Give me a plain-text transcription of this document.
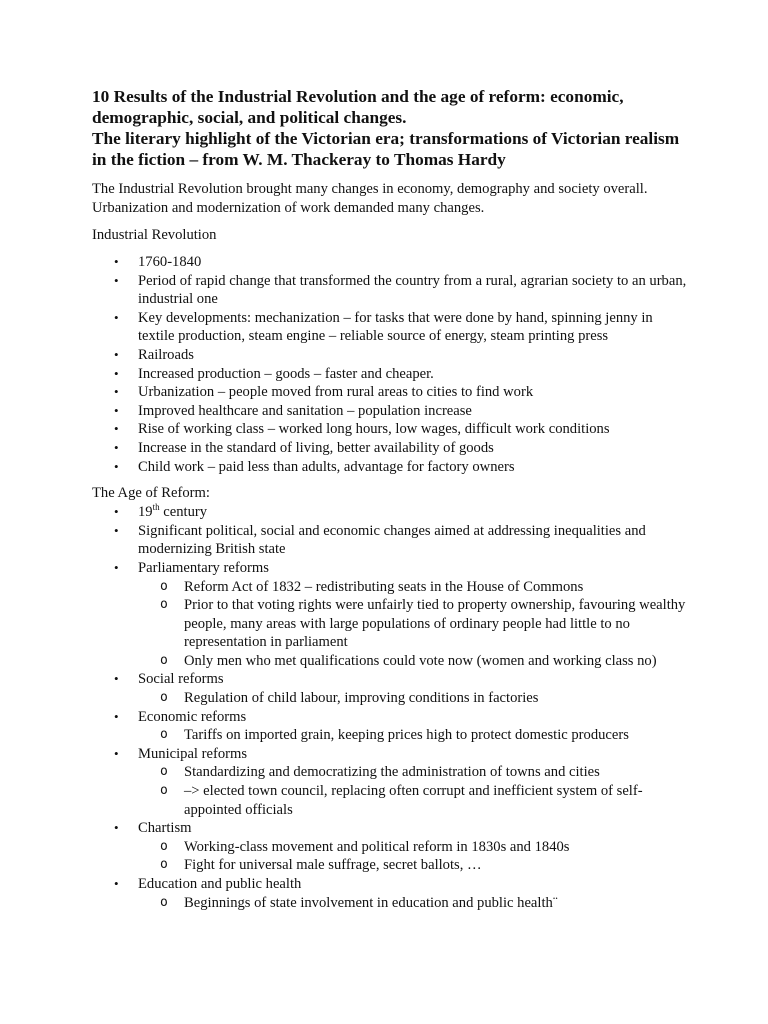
10 Results of the Industrial Revolution and the age of reform: economic, demographic, social, and political changes.

The literary highlight of the Victorian era; transformations of Victorian realism in the fiction – from W. M. Thackeray to Thomas Hardy

The Industrial Revolution brought many changes in economy, demography and society overall. Urbanization and modernization of work demanded many changes.

Industrial Revolution

• 1760-1840
• Period of rapid change that transformed the country from a rural, agrarian society to an urban, industrial one
• Key developments: mechanization – for tasks that were done by hand, spinning jenny in textile production, steam engine – reliable source of energy, steam printing press
• Railroads
• Increased production – goods – faster and cheaper.
• Urbanization – people moved from rural areas to cities to find work
• Improved healthcare and sanitation – population increase
• Rise of working class – worked long hours, low wages, difficult work conditions
• Increase in the standard of living, better availability of goods
• Child work – paid less than adults, advantage for factory owners

The Age of Reform:

• 19th century
• Significant political, social and economic changes aimed at addressing inequalities and modernizing British state
• Parliamentary reforms
o Reform Act of 1832 – redistributing seats in the House of Commons
o Prior to that voting rights were unfairly tied to property ownership, favouring wealthy people, many areas with large populations of ordinary people had little to no representation in parliament
o Only men who met qualifications could vote now (women and working class no)
• Social reforms
o Regulation of child labour, improving conditions in factories
• Economic reforms
o Tariffs on imported grain, keeping prices high to protect domestic producers
• Municipal reforms
o Standardizing and democratizing the administration of towns and cities
o –> elected town council, replacing often corrupt and inefficient system of self-appointed officials
• Chartism
o Working-class movement and political reform in 1830s and 1840s
o Fight for universal male suffrage, secret ballots, …
• Education and public health
o Beginnings of state involvement in education and public health¨
